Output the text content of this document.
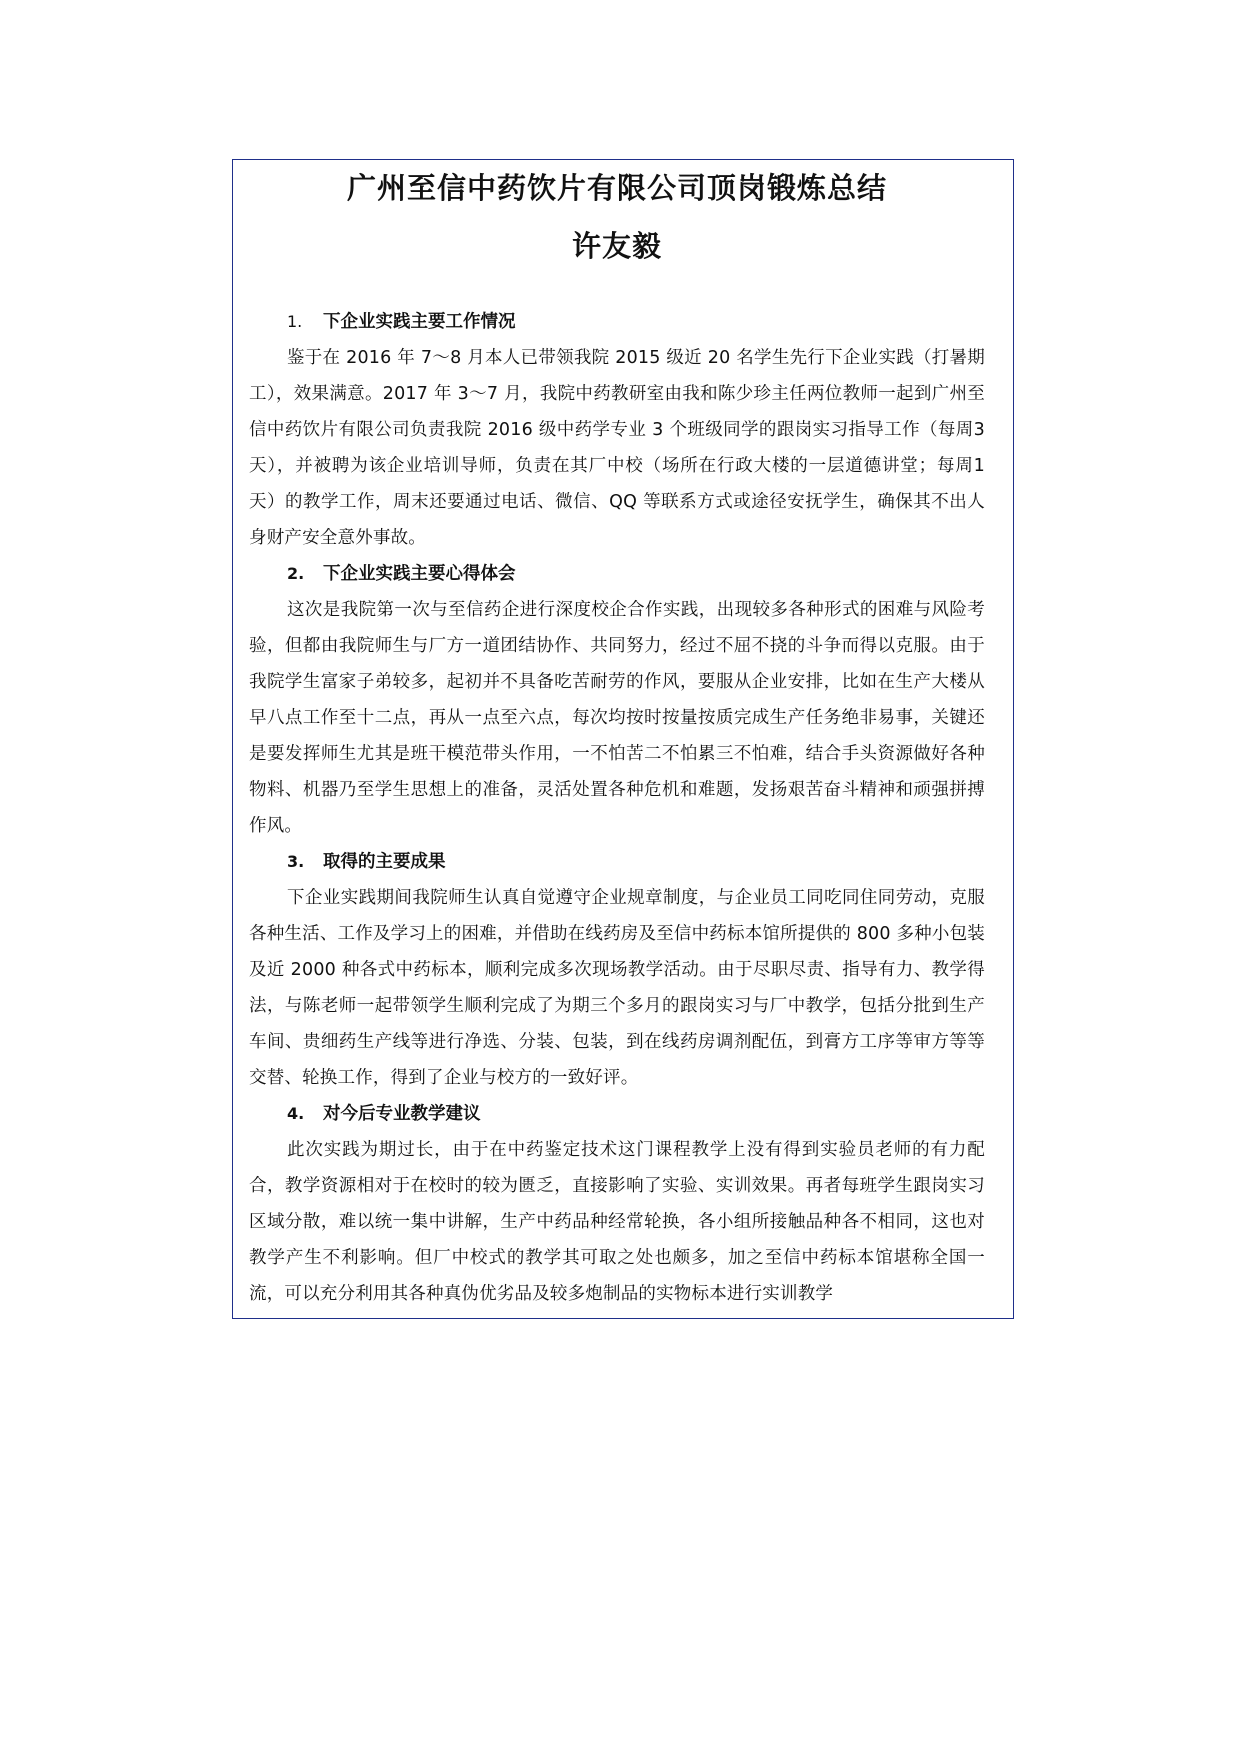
广州至信中药饮片有限公司顶岗锻炼总结
许友毅

1. 下企业实践主要工作情况

鉴于在 2016 年 7～8 月本人已带领我院 2015 级近 20 名学生先行下企业实践（打暑期工），效果满意。2017 年 3～7 月，我院中药教研室由我和陈少珍主任两位教师一起到广州至信中药饮片有限公司负责我院 2016 级中药学专业 3 个班级同学的跟岗实习指导工作（每周3 天），并被聘为该企业培训导师，负责在其厂中校（场所在行政大楼的一层道德讲堂；每周1 天）的教学工作，周末还要通过电话、微信、QQ 等联系方式或途径安抚学生，确保其不出人身财产安全意外事故。

2. 下企业实践主要心得体会

这次是我院第一次与至信药企进行深度校企合作实践，出现较多各种形式的困难与风险考验，但都由我院师生与厂方一道团结协作、共同努力，经过不屈不挠的斗争而得以克服。由于我院学生富家子弟较多，起初并不具备吃苦耐劳的作风，要服从企业安排，比如在生产大楼从早八点工作至十二点，再从一点至六点，每次均按时按量按质完成生产任务绝非易事，关键还是要发挥师生尤其是班干模范带头作用，一不怕苦二不怕累三不怕难，结合手头资源做好各种物料、机器乃至学生思想上的准备，灵活处置各种危机和难题，发扬艰苦奋斗精神和顽强拼搏作风。

3. 取得的主要成果

下企业实践期间我院师生认真自觉遵守企业规章制度，与企业员工同吃同住同劳动，克服各种生活、工作及学习上的困难，并借助在线药房及至信中药标本馆所提供的 800 多种小包装及近 2000 种各式中药标本，顺利完成多次现场教学活动。由于尽职尽责、指导有力、教学得法，与陈老师一起带领学生顺利完成了为期三个多月的跟岗实习与厂中教学，包括分批到生产车间、贵细药生产线等进行净选、分装、包装，到在线药房调剂配伍，到膏方工序等审方等等交替、轮换工作，得到了企业与校方的一致好评。

4. 对今后专业教学建议

此次实践为期过长，由于在中药鉴定技术这门课程教学上没有得到实验员老师的有力配合，教学资源相对于在校时的较为匮乏，直接影响了实验、实训效果。再者每班学生跟岗实习区域分散，难以统一集中讲解，生产中药品种经常轮换，各小组所接触品种各不相同，这也对教学产生不利影响。但厂中校式的教学其可取之处也颇多，加之至信中药标本馆堪称全国一流，可以充分利用其各种真伪优劣品及较多炮制品的实物标本进行实训教学
